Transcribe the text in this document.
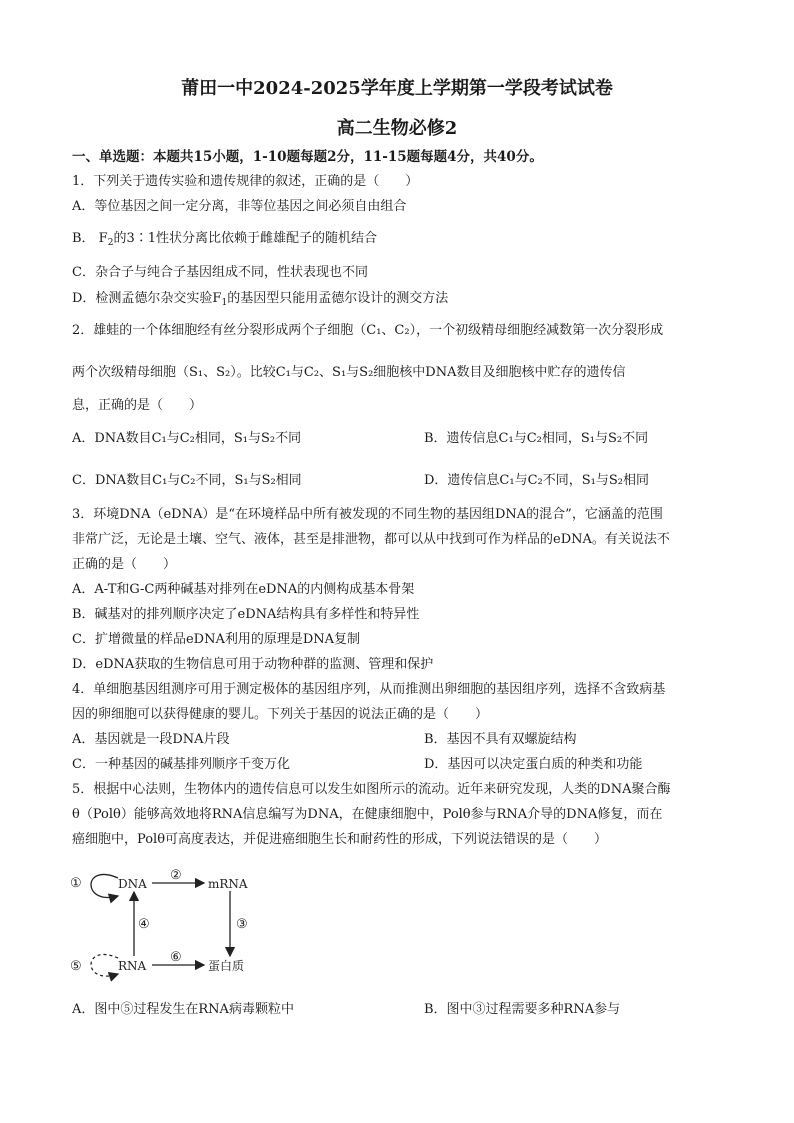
莆田一中2024-2025学年度上学期第一学段考试试卷
高二生物必修2
一、单选题：本题共15小题，1-10题每题2分，11-15题每题4分，共40分。
1．下列关于遗传实验和遗传规律的叙述，正确的是（　　）
A．等位基因之间一定分离，非等位基因之间必须自由组合
B． $F_2$的3∶1性状分离比依赖于雌雄配子的随机结合
C．杂合子与纯合子基因组成不同，性状表现也不同
D．检测孟德尔杂交实验$F_1$的基因型只能用孟德尔设计的测交方法
2．雄蛙的一个体细胞经有丝分裂形成两个子细胞（C₁、C₂），一个初级精母细胞经减数第一次分裂形成
两个次级精母细胞（S₁、S₂）。比较C₁与C₂、S₁与S₂细胞核中DNA数目及细胞核中贮存的遗传信
息，正确的是（　　）
A．DNA数目C₁与C₂相同，S₁与S₂不同	B．遗传信息C₁与C₂相同，S₁与S₂不同
C．DNA数目C₁与C₂不同，S₁与S₂相同	D．遗传信息C₁与C₂不同，S₁与S₂相同
3．环境DNA（eDNA）是“在环境样品中所有被发现的不同生物的基因组DNA的混合”，它涵盖的范围
非常广泛，无论是土壤、空气、液体，甚至是排泄物，都可以从中找到可作为样品的eDNA。有关说法不
正确的是（　　）
A．A-T和G-C两种碱基对排列在eDNA的内侧构成基本骨架
B．碱基对的排列顺序决定了eDNA结构具有多样性和特异性
C．扩增微量的样品eDNA利用的原理是DNA复制
D．eDNA获取的生物信息可用于动物种群的监测、管理和保护
4．单细胞基因组测序可用于测定极体的基因组序列，从而推测出卵细胞的基因组序列，选择不含致病基
因的卵细胞可以获得健康的婴儿。下列关于基因的说法正确的是（　　）
A．基因就是一段DNA片段	B．基因不具有双螺旋结构
C．一种基因的碱基排列顺序千变万化	D．基因可以决定蛋白质的种类和功能
5．根据中心法则，生物体内的遗传信息可以发生如图所示的流动。近年来研究发现，人类的DNA聚合酶
θ（Polθ）能够高效地将RNA信息编写为DNA，在健康细胞中，Polθ参与RNA介导的DNA修复，而在
癌细胞中，Polθ可高度表达，并促进癌细胞生长和耐药性的形成，下列说法错误的是（　　）
DNA	mRNA
RNA	蛋白质
①
②
③
④
⑤
⑥
A．图中⑤过程发生在RNA病毒颗粒中	B．图中③过程需要多种RNA参与
